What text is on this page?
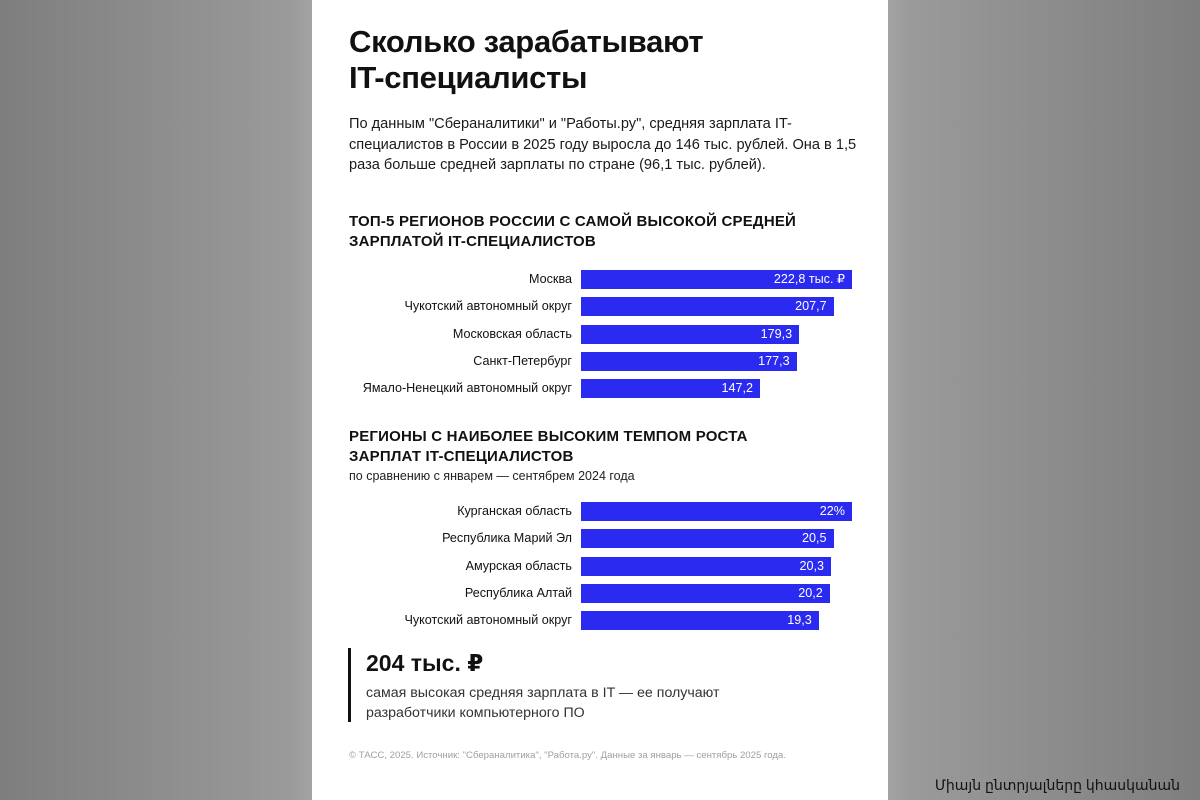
Сколько зарабатывают
IT-специалисты

По данным "Сбераналитики" и "Работы.ру", средняя зарплата IT-специалистов в России в 2025 году выросла до 146 тыс. рублей. Она в 1,5 раза больше средней зарплаты по стране (96,1 тыс. рублей).

ТОП-5 РЕГИОНОВ РОССИИ С САМОЙ ВЫСОКОЙ СРЕДНЕЙ
ЗАРПЛАТОЙ IT-СПЕЦИАЛИСТОВ
Москва	222,8 тыс. ₽
Чукотский автономный округ	207,7
Московская область	179,3
Санкт-Петербург	177,3
Ямало-Ненецкий автономный округ	147,2
РЕГИОНЫ С НАИБОЛЕЕ ВЫСОКИМ ТЕМПОМ РОСТА
ЗАРПЛАТ IT-СПЕЦИАЛИСТОВ

по сравнению с январем — сентябрем 2024 года

Курганская область	22%
Республика Марий Эл	20,5
Амурская область	20,3
Республика Алтай	20,2
Чукотский автономный округ	19,3

204 тыс. ₽

самая высокая средняя зарплата в IT — ее получают разработчики компьютерного ПО

© ТАСС, 2025. Источник: "Сбераналитика", "Работа.ру". Данные за январь — сентябрь 2025 года.

Միայն ընտրյալները կհասկանան
